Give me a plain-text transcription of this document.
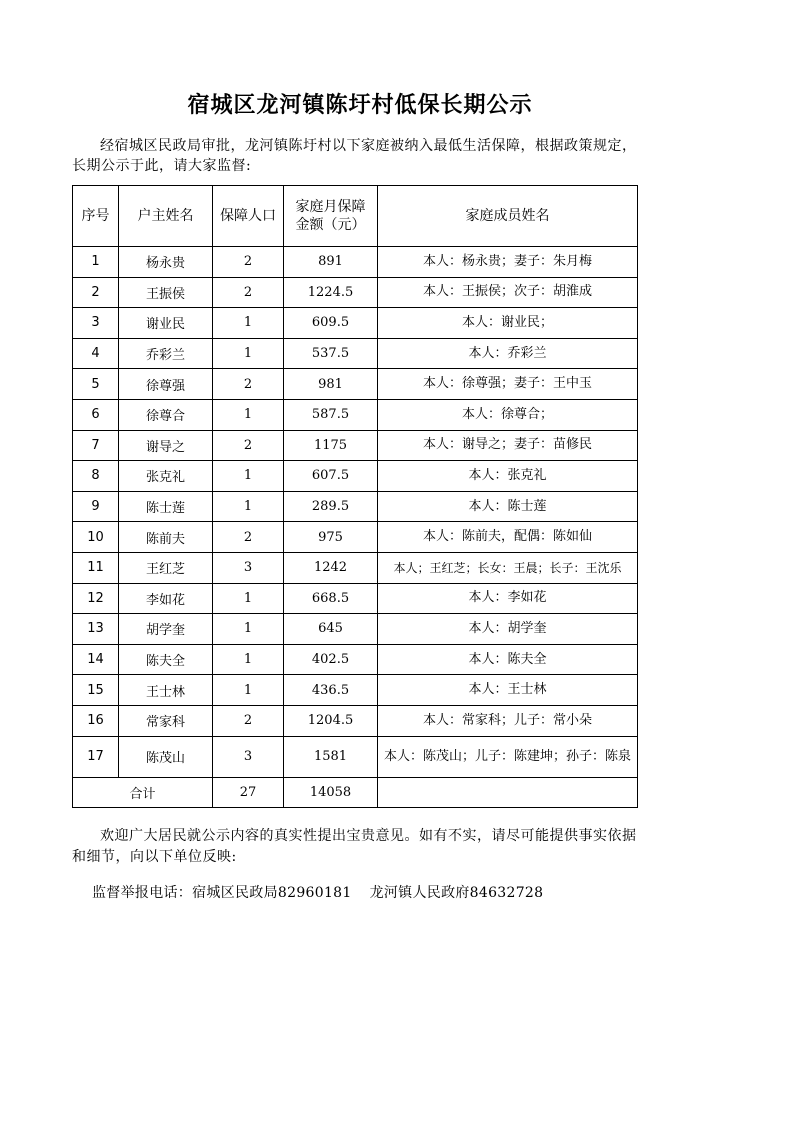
宿城区龙河镇陈圩村低保长期公示
经宿城区民政局审批，龙河镇陈圩村以下家庭被纳入最低生活保障，根据政策规定，长期公示于此，请大家监督:
序号	户主姓名	保障人口	家庭月保障
金额（元）	家庭成员姓名
1	杨永贵	2	891	本人：杨永贵；妻子：朱月梅
2	王振侯	2	1224.5	本人：王振侯；次子：胡淮成
3	谢业民	1	609.5	本人：谢业民；
4	乔彩兰	1	537.5	本人：乔彩兰
5	徐尊强	2	981	本人：徐尊强；妻子：王中玉
6	徐尊合	1	587.5	本人：徐尊合；
7	谢导之	2	1175	本人：谢导之；妻子：苗修民
8	张克礼	1	607.5	本人：张克礼
9	陈士莲	1	289.5	本人：陈士莲
10	陈前夫	2	975	本人：陈前夫，配偶：陈如仙
11	王红芝	3	1242	本人；王红芝；长女：王晨；长子：王沈乐
12	李如花	1	668.5	本人：李如花
13	胡学奎	1	645	本人：胡学奎
14	陈夫全	1	402.5	本人：陈夫全
15	王士林	1	436.5	本人：王士林
16	常家科	2	1204.5	本人：常家科；儿子：常小朵
17	陈茂山	3	1581	本人：陈茂山；儿子：陈建坤；孙子：陈泉
合计		27	14058	
欢迎广大居民就公示内容的真实性提出宝贵意见。如有不实，请尽可能提供事实依据和细节，向以下单位反映:
监督举报电话：宿城区民政局82960181 龙河镇人民政府84632728
